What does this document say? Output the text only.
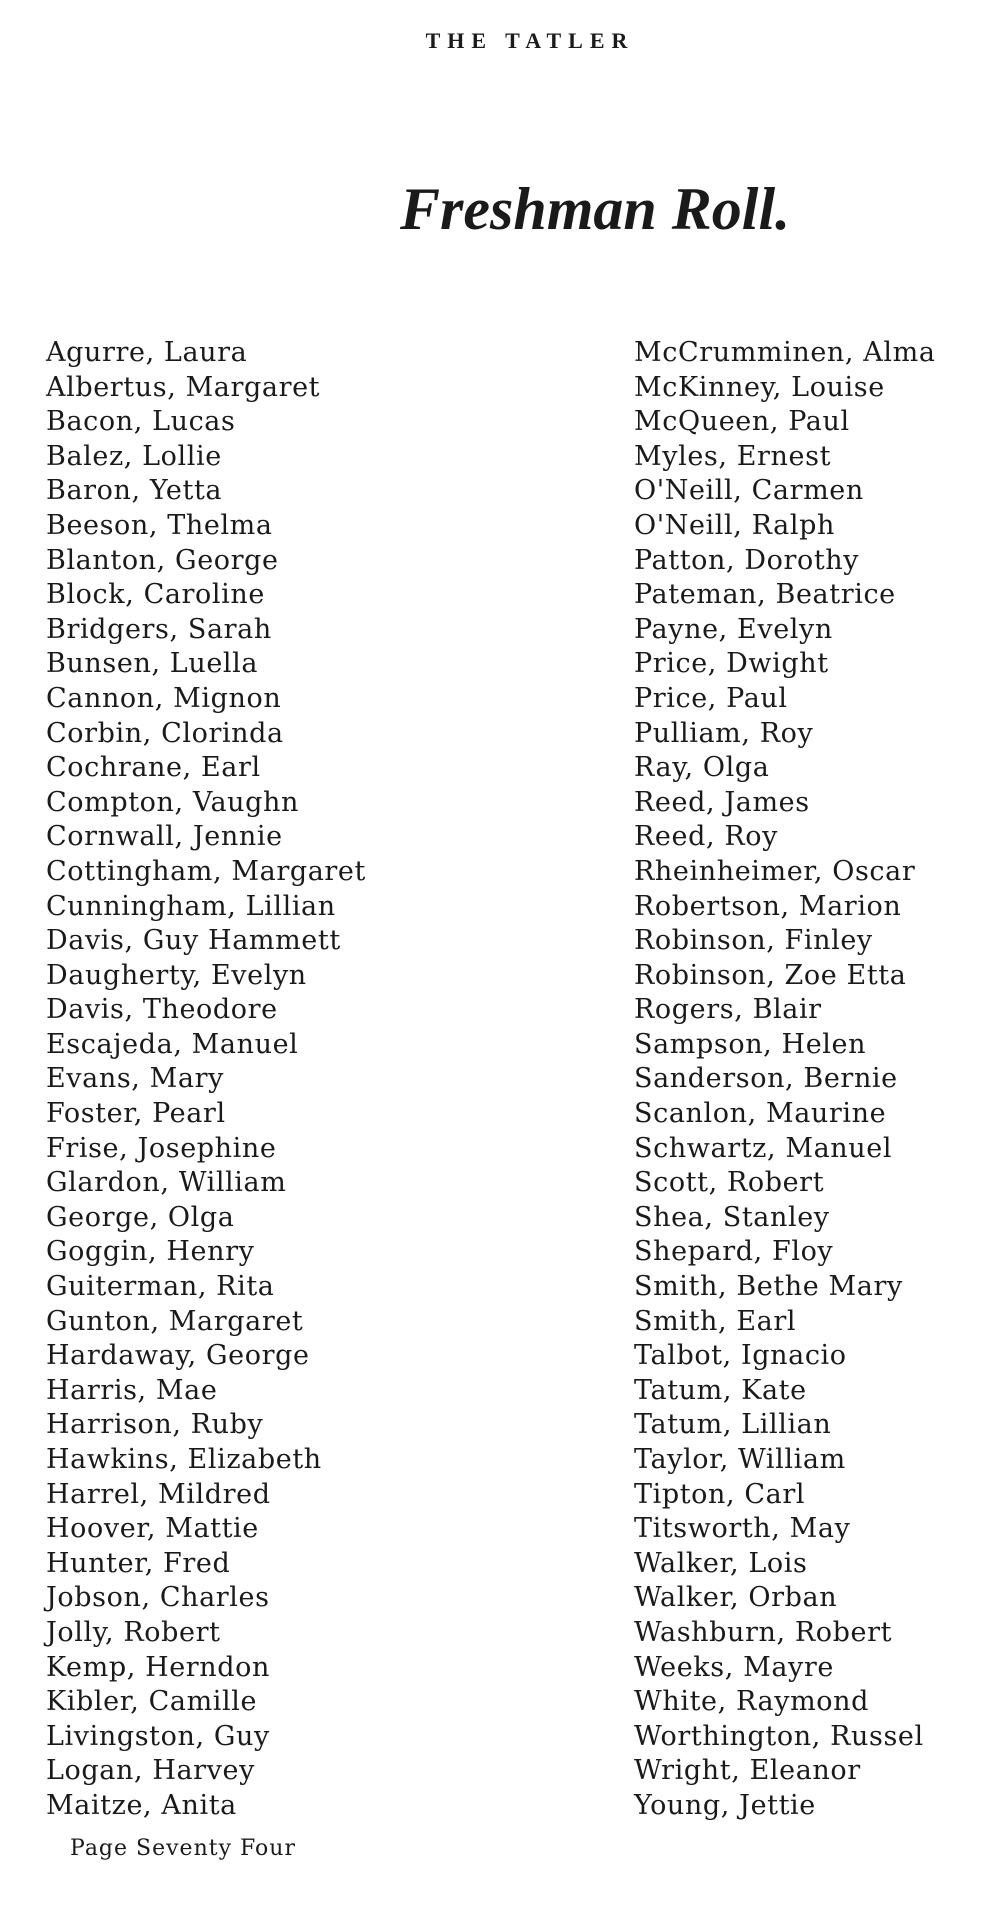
THE TATLER
Freshman Roll.
Agurre, Laura
Albertus, Margaret
Bacon, Lucas
Balez, Lollie
Baron, Yetta
Beeson, Thelma
Blanton, George
Block, Caroline
Bridgers, Sarah
Bunsen, Luella
Cannon, Mignon
Corbin, Clorinda
Cochrane, Earl
Compton, Vaughn
Cornwall, Jennie
Cottingham, Margaret
Cunningham, Lillian
Davis, Guy Hammett
Daugherty, Evelyn
Davis, Theodore
Escajeda, Manuel
Evans, Mary
Foster, Pearl
Frise, Josephine
Glardon, William
George, Olga
Goggin, Henry
Guiterman, Rita
Gunton, Margaret
Hardaway, George
Harris, Mae
Harrison, Ruby
Hawkins, Elizabeth
Harrel, Mildred
Hoover, Mattie
Hunter, Fred
Jobson, Charles
Jolly, Robert
Kemp, Herndon
Kibler, Camille
Livingston, Guy
Logan, Harvey
Maitze, Anita
McCrumminen, Alma
McKinney, Louise
McQueen, Paul
Myles, Ernest
O'Neill, Carmen
O'Neill, Ralph
Patton, Dorothy
Pateman, Beatrice
Payne, Evelyn
Price, Dwight
Price, Paul
Pulliam, Roy
Ray, Olga
Reed, James
Reed, Roy
Rheinheimer, Oscar
Robertson, Marion
Robinson, Finley
Robinson, Zoe Etta
Rogers, Blair
Sampson, Helen
Sanderson, Bernie
Scanlon, Maurine
Schwartz, Manuel
Scott, Robert
Shea, Stanley
Shepard, Floy
Smith, Bethe Mary
Smith, Earl
Talbot, Ignacio
Tatum, Kate
Tatum, Lillian
Taylor, William
Tipton, Carl
Titsworth, May
Walker, Lois
Walker, Orban
Washburn, Robert
Weeks, Mayre
White, Raymond
Worthington, Russel
Wright, Eleanor
Young, Jettie
Page Seventy Four
